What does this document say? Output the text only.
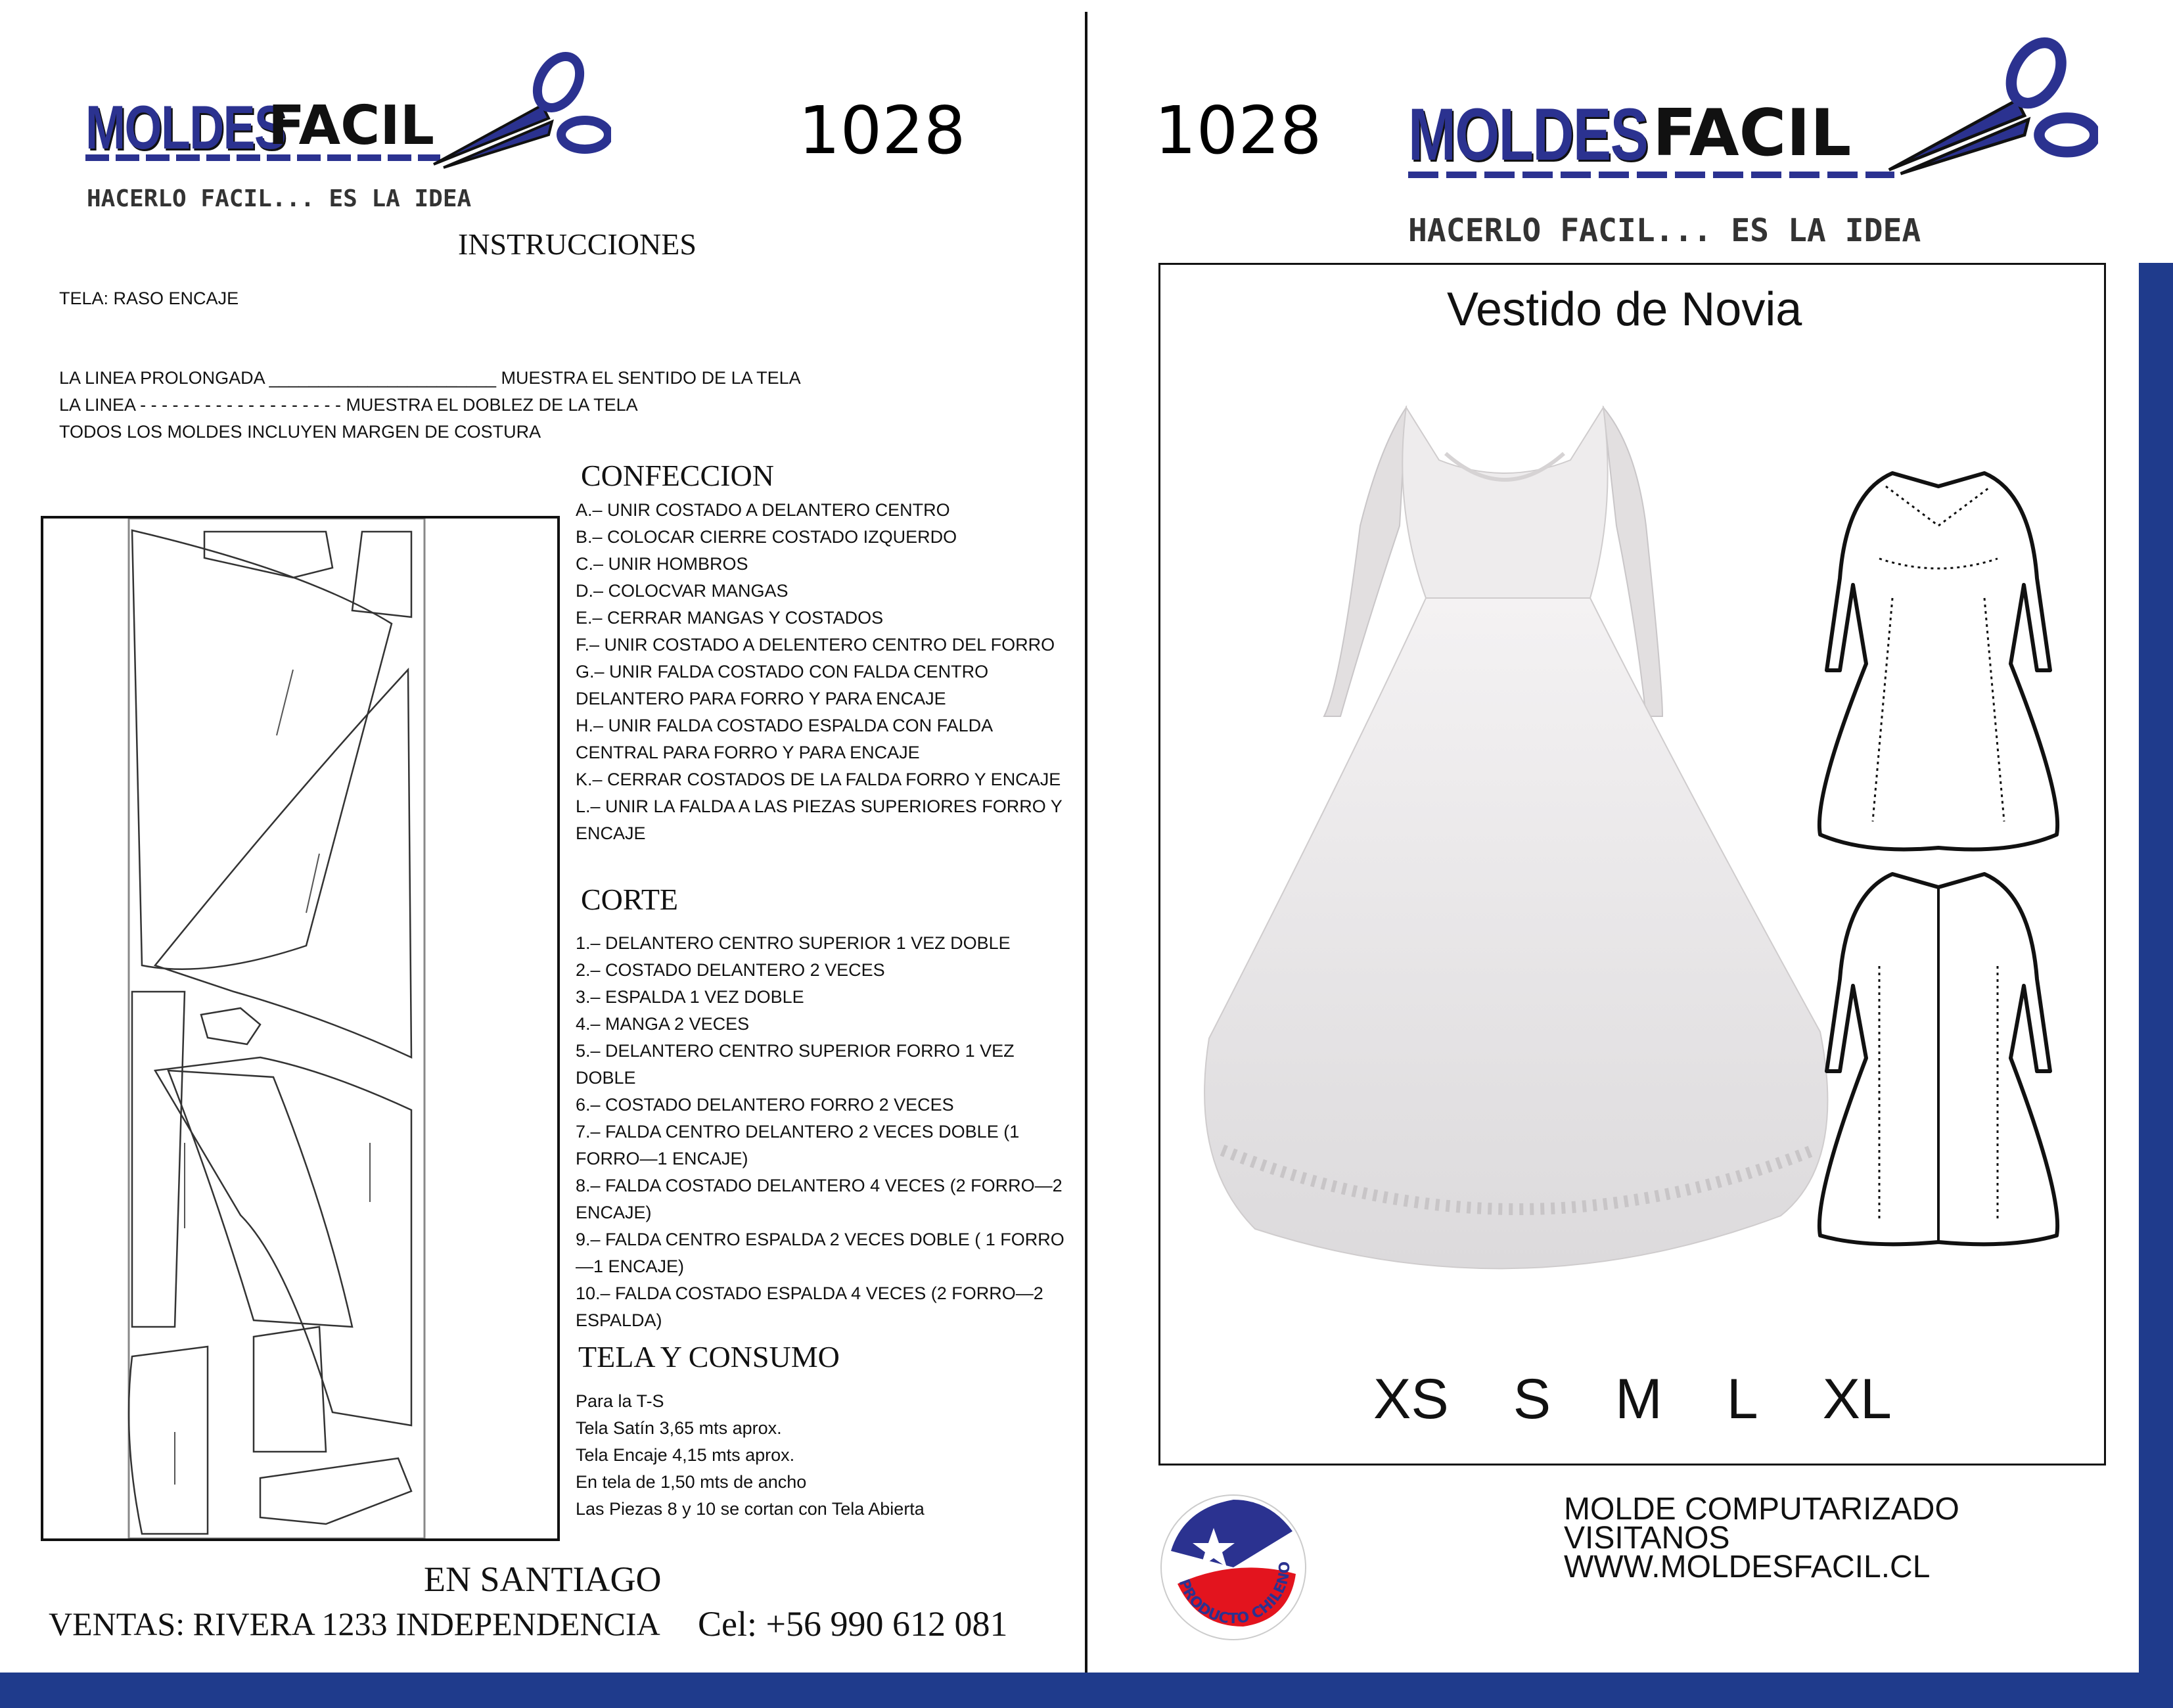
MOLDES
FACIL
HACERLO FACIL... ES LA IDEA
1028
INSTRUCCIONES
TELA: RASO ENCAJE

LA LINEA PROLONGADA _______________________ MUESTRA EL SENTIDO DE LA TELA

LA LINEA - - - - - - - - - - - - - - - - - - - MUESTRA EL DOBLEZ DE LA TELA

TODOS LOS MOLDES INCLUYEN MARGEN DE COSTURA

CONFECCION

A.– UNIR COSTADO A DELANTERO CENTRO

B.– COLOCAR CIERRE COSTADO IZQUERDO

C.– UNIR HOMBROS

D.– COLOCVAR MANGAS

E.– CERRAR MANGAS Y COSTADOS

F.– UNIR COSTADO A DELENTERO CENTRO DEL FORRO

G.– UNIR FALDA COSTADO CON FALDA CENTRO DELANTERO PARA FORRO Y PARA ENCAJE

H.– UNIR FALDA COSTADO ESPALDA CON FALDA CENTRAL PARA FORRO Y PARA ENCAJE

K.– CERRAR COSTADOS DE LA FALDA FORRO Y ENCAJE

L.– UNIR LA FALDA A LAS PIEZAS SUPERIORES FORRO Y ENCAJE

CORTE

1.– DELANTERO CENTRO SUPERIOR 1 VEZ DOBLE

2.– COSTADO DELANTERO 2 VECES

3.– ESPALDA 1 VEZ DOBLE

4.– MANGA 2 VECES

5.– DELANTERO CENTRO SUPERIOR FORRO 1 VEZ DOBLE

6.– COSTADO DELANTERO FORRO 2 VECES

7.– FALDA CENTRO DELANTERO 2 VECES DOBLE (1 FORRO—1 ENCAJE)

8.– FALDA COSTADO DELANTERO 4 VECES (2 FORRO—2 ENCAJE)

9.– FALDA CENTRO ESPALDA 2 VECES DOBLE ( 1 FORRO—1 ENCAJE)

10.– FALDA COSTADO ESPALDA 4 VECES (2 FORRO—2 ESPALDA)

TELA Y CONSUMO

Para la T-S

Tela Satín 3,65 mts aprox.

Tela Encaje 4,15 mts aprox.

En tela de 1,50 mts de ancho

Las Piezas 8 y 10 se cortan con Tela Abierta

EN SANTIAGO
VENTAS: RIVERA 1233 INDEPENDENCIA Cel: +56 990 612 081
1028 MOLDES FACIL
HACERLO FACIL... ES LA IDEA
Vestido de Novia
XS S M L XL
PRODUCTO CHILENO
MOLDE COMPUTARIZADO
VISITANOS
WWW.MOLDESFACIL.CL
